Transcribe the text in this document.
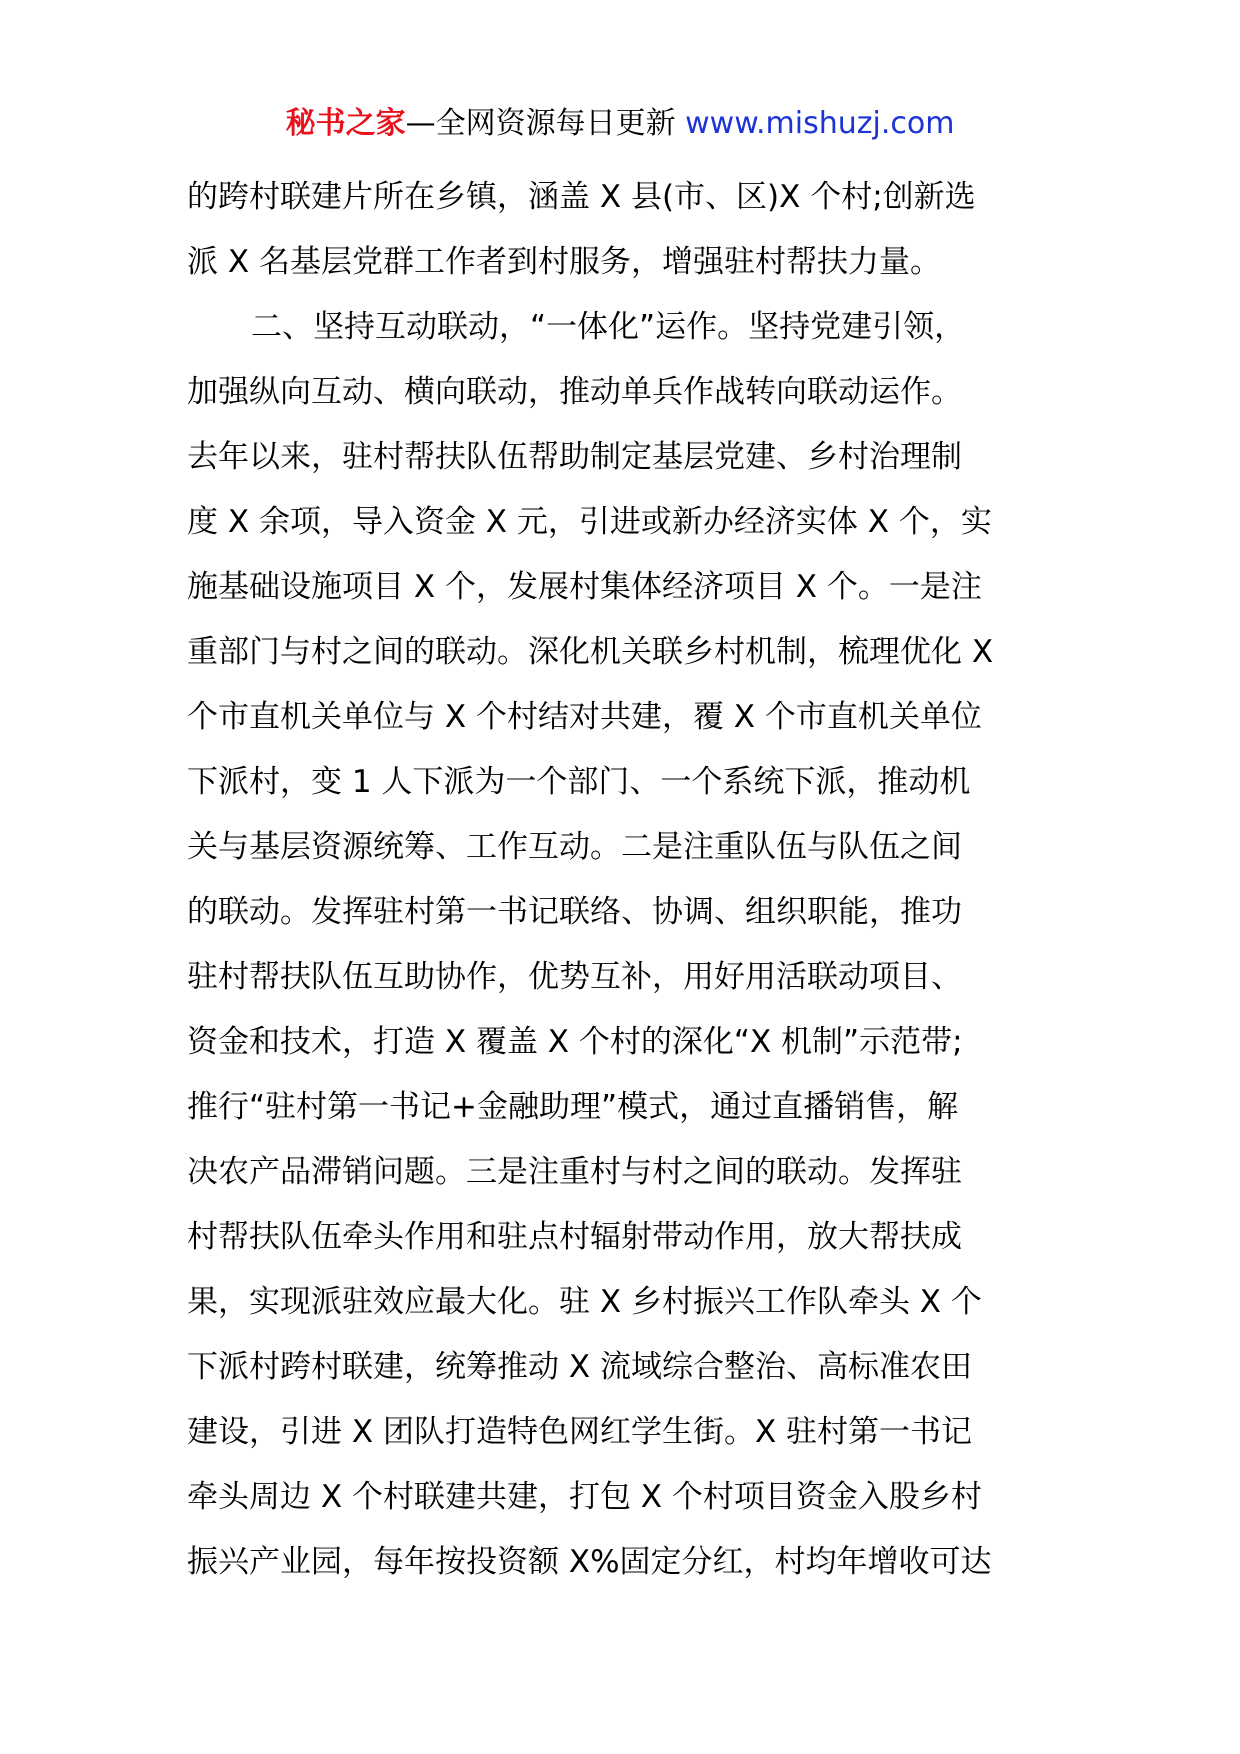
秘书之家—全网资源每日更新 www.mishuzj.com
的跨村联建片所在乡镇，涵盖 X 县(市、区)X 个村;创新选
派 X 名基层党群工作者到村服务，增强驻村帮扶力量。
二、坚持互动联动，“一体化”运作。坚持党建引领，
加强纵向互动、横向联动，推动单兵作战转向联动运作。
去年以来，驻村帮扶队伍帮助制定基层党建、乡村治理制
度 X 余项，导入资金 X 元，引进或新办经济实体 X 个，实
施基础设施项目 X 个，发展村集体经济项目 X 个。一是注
重部门与村之间的联动。深化机关联乡村机制，梳理优化 X
个市直机关单位与 X 个村结对共建，覆 X 个市直机关单位
下派村，变 1 人下派为一个部门、一个系统下派，推动机
关与基层资源统筹、工作互动。二是注重队伍与队伍之间
的联动。发挥驻村第一书记联络、协调、组织职能，推功
驻村帮扶队伍互助协作，优势互补，用好用活联动项目、
资金和技术，打造 X 覆盖 X 个村的深化“X 机制”示范带;
推行“驻村第一书记+金融助理”模式，通过直播销售，解
决农产品滞销问题。三是注重村与村之间的联动。发挥驻
村帮扶队伍牵头作用和驻点村辐射带动作用，放大帮扶成
果，实现派驻效应最大化。驻 X 乡村振兴工作队牵头 X 个
下派村跨村联建，统筹推动 X 流域综合整治、高标准农田
建设，引进 X 团队打造特色网红学生街。X 驻村第一书记
牵头周边 X 个村联建共建，打包 X 个村项目资金入股乡村
振兴产业园，每年按投资额 X%固定分红，村均年增收可达
